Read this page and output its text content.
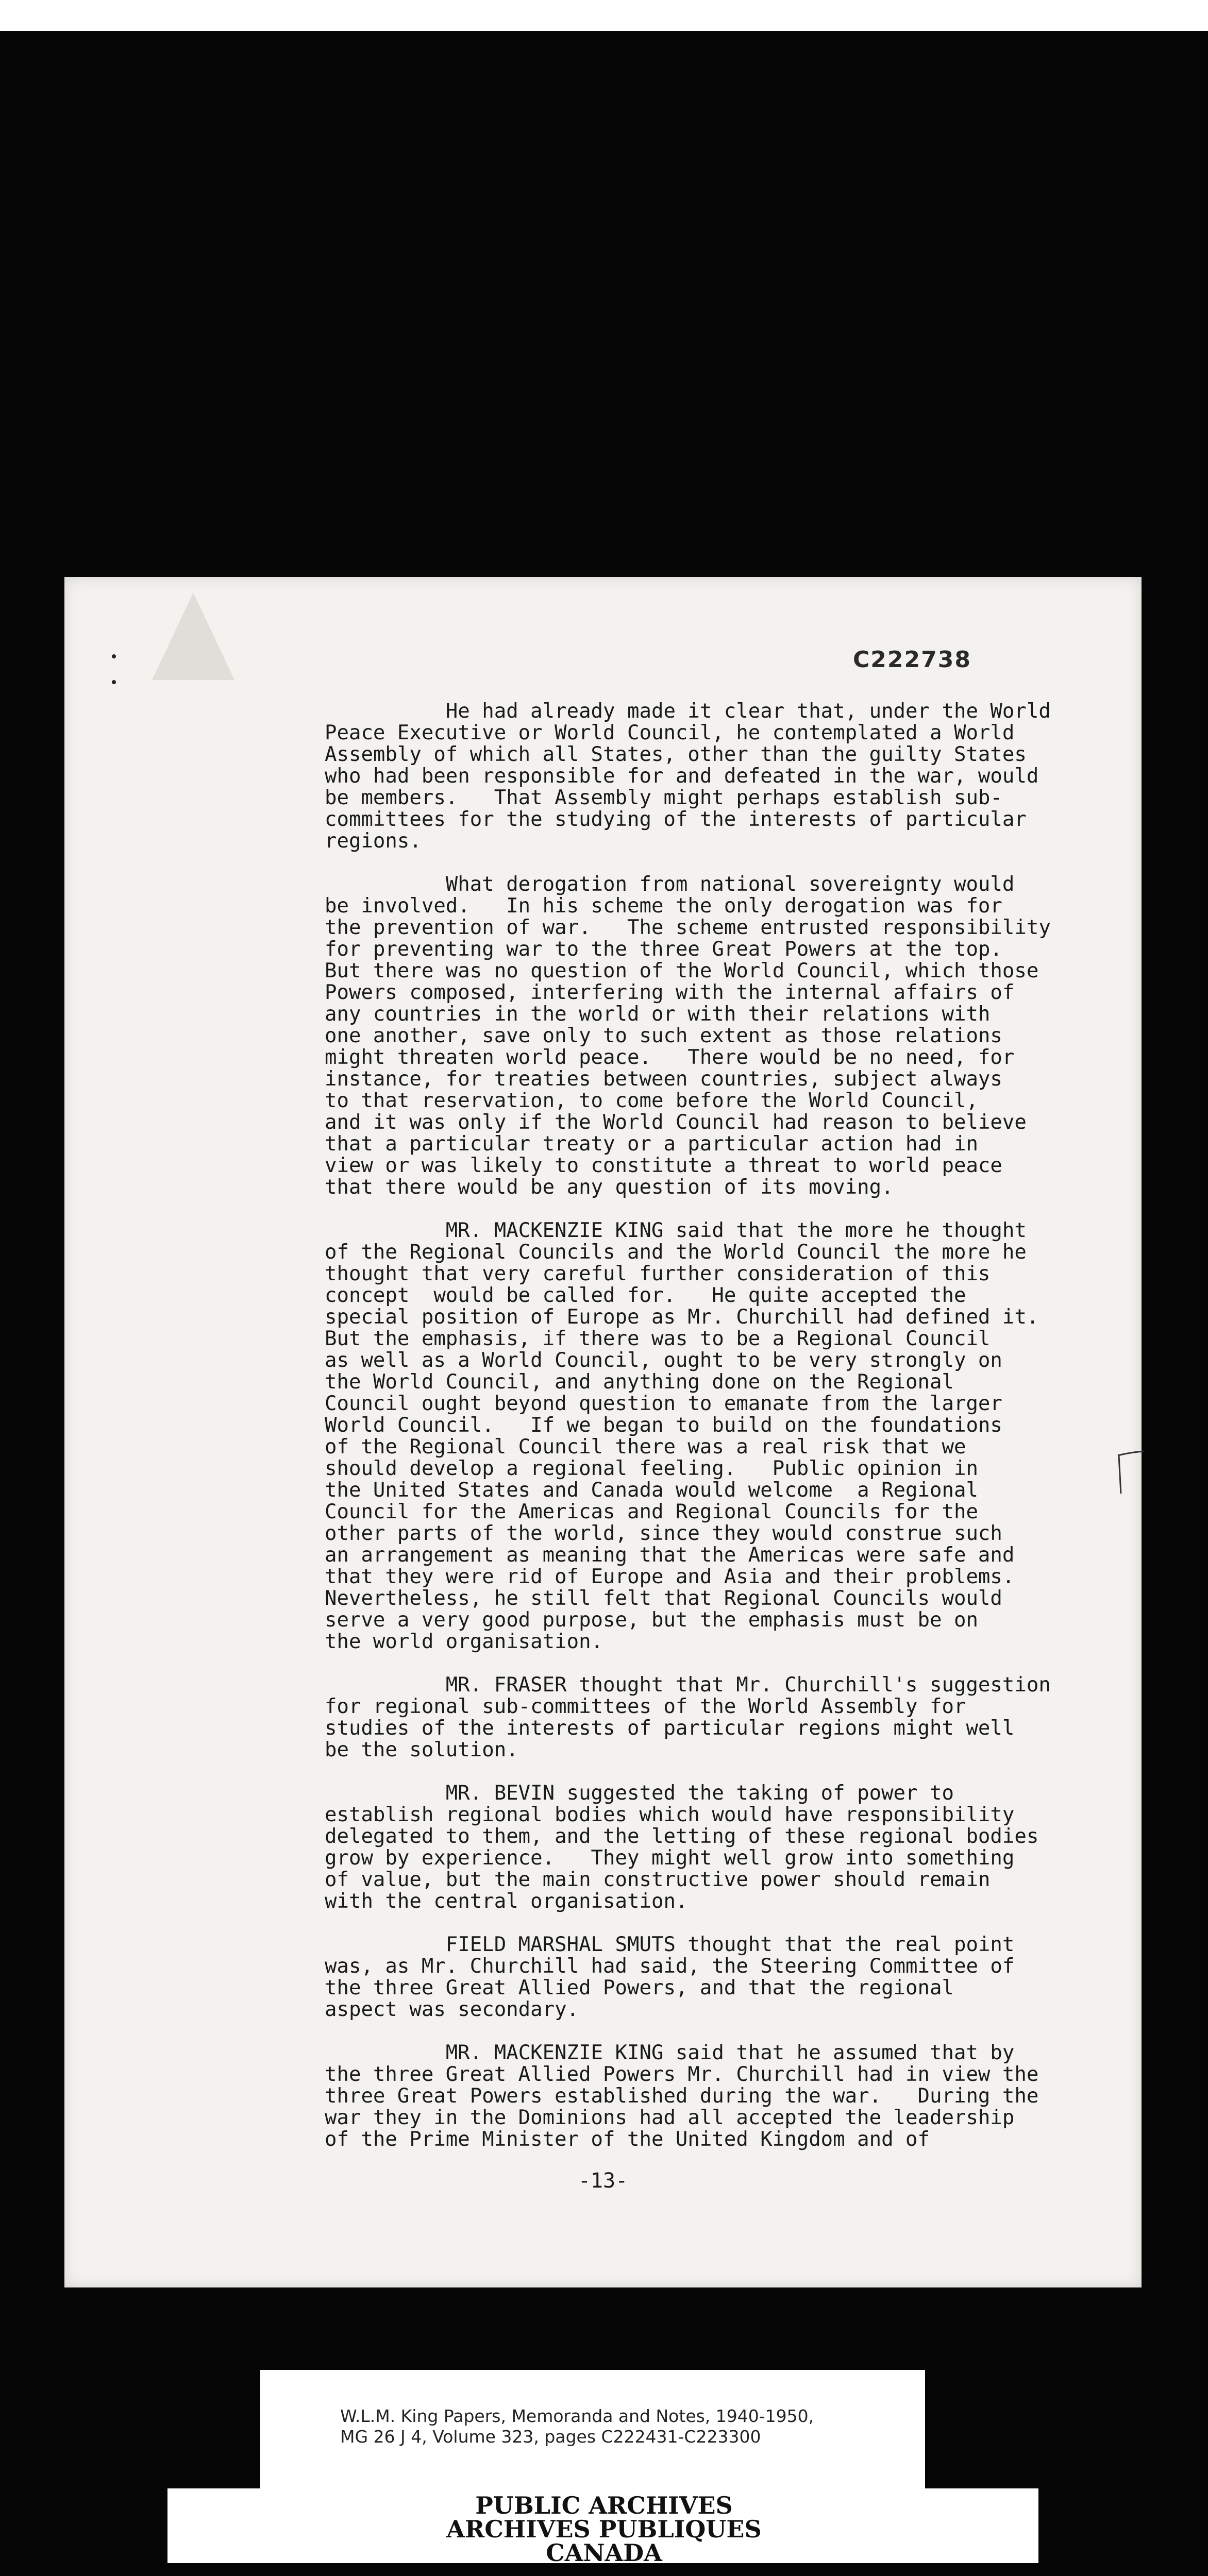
C222738
He had already made it clear that, under the World
Peace Executive or World Council, he contemplated a World
Assembly of which all States, other than the guilty States
who had been responsible for and defeated in the war, would
be members.   That Assembly might perhaps establish sub-
committees for the studying of the interests of particular
regions.
What derogation from national sovereignty would
be involved.   In his scheme the only derogation was for
the prevention of war.   The scheme entrusted responsibility
for preventing war to the three Great Powers at the top.
But there was no question of the World Council, which those
Powers composed, interfering with the internal affairs of
any countries in the world or with their relations with
one another, save only to such extent as those relations
might threaten world peace.   There would be no need, for
instance, for treaties between countries, subject always
to that reservation, to come before the World Council,
and it was only if the World Council had reason to believe
that a particular treaty or a particular action had in
view or was likely to constitute a threat to world peace
that there would be any question of its moving.
MR. MACKENZIE KING said that the more he thought
of the Regional Councils and the World Council the more he
thought that very careful further consideration of this
concept  would be called for.   He quite accepted the
special position of Europe as Mr. Churchill had defined it.
But the emphasis, if there was to be a Regional Council
as well as a World Council, ought to be very strongly on
the World Council, and anything done on the Regional
Council ought beyond question to emanate from the larger
World Council.   If we began to build on the foundations
of the Regional Council there was a real risk that we
should develop a regional feeling.   Public opinion in
the United States and Canada would welcome  a Regional
Council for the Americas and Regional Councils for the
other parts of the world, since they would construe such
an arrangement as meaning that the Americas were safe and
that they were rid of Europe and Asia and their problems.
Nevertheless, he still felt that Regional Councils would
serve a very good purpose, but the emphasis must be on
the world organisation.
MR. FRASER thought that Mr. Churchill's suggestion
for regional sub-committees of the World Assembly for
studies of the interests of particular regions might well
be the solution.
MR. BEVIN suggested the taking of power to
establish regional bodies which would have responsibility
delegated to them, and the letting of these regional bodies
grow by experience.   They might well grow into something
of value, but the main constructive power should remain
with the central organisation.
FIELD MARSHAL SMUTS thought that the real point
was, as Mr. Churchill had said, the Steering Committee of
the three Great Allied Powers, and that the regional
aspect was secondary.
MR. MACKENZIE KING said that he assumed that by
the three Great Allied Powers Mr. Churchill had in view the
three Great Powers established during the war.   During the
war they in the Dominions had all accepted the leadership
of the Prime Minister of the United Kingdom and of
-13-
W.L.M. King Papers, Memoranda and Notes, 1940-1950,
MG 26 J 4, Volume 323, pages C222431-C223300
PUBLIC ARCHIVES
ARCHIVES PUBLIQUES
CANADA
